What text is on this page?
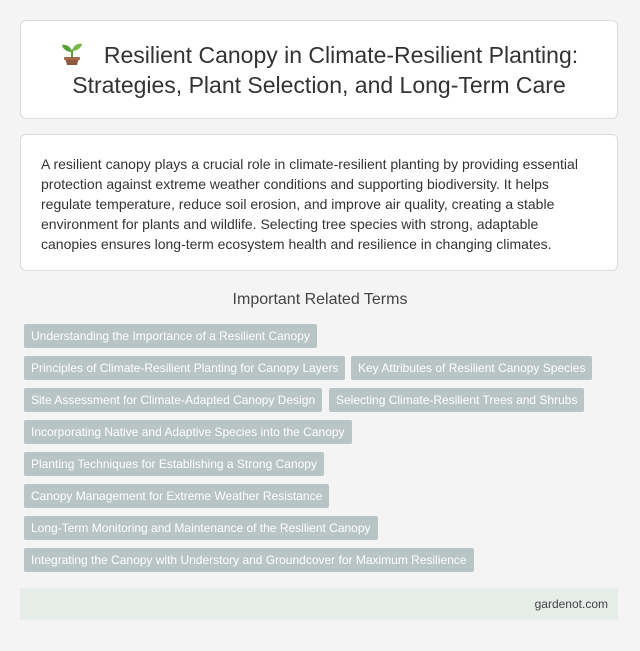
Resilient Canopy in Climate-Resilient Planting: Strategies, Plant Selection, and Long-Term Care

A resilient canopy plays a crucial role in climate-resilient planting by providing essential protection against extreme weather conditions and supporting biodiversity. It helps regulate temperature, reduce soil erosion, and improve air quality, creating a stable environment for plants and wildlife. Selecting tree species with strong, adaptable canopies ensures long-term ecosystem health and resilience in changing climates.

Important Related Terms
Understanding the Importance of a Resilient Canopy
Principles of Climate-Resilient Planting for Canopy Layers	Key Attributes of Resilient Canopy Species
Site Assessment for Climate-Adapted Canopy Design	Selecting Climate-Resilient Trees and Shrubs
Incorporating Native and Adaptive Species into the Canopy
Planting Techniques for Establishing a Strong Canopy
Canopy Management for Extreme Weather Resistance
Long-Term Monitoring and Maintenance of the Resilient Canopy
Integrating the Canopy with Understory and Groundcover for Maximum Resilience
gardenot.com
